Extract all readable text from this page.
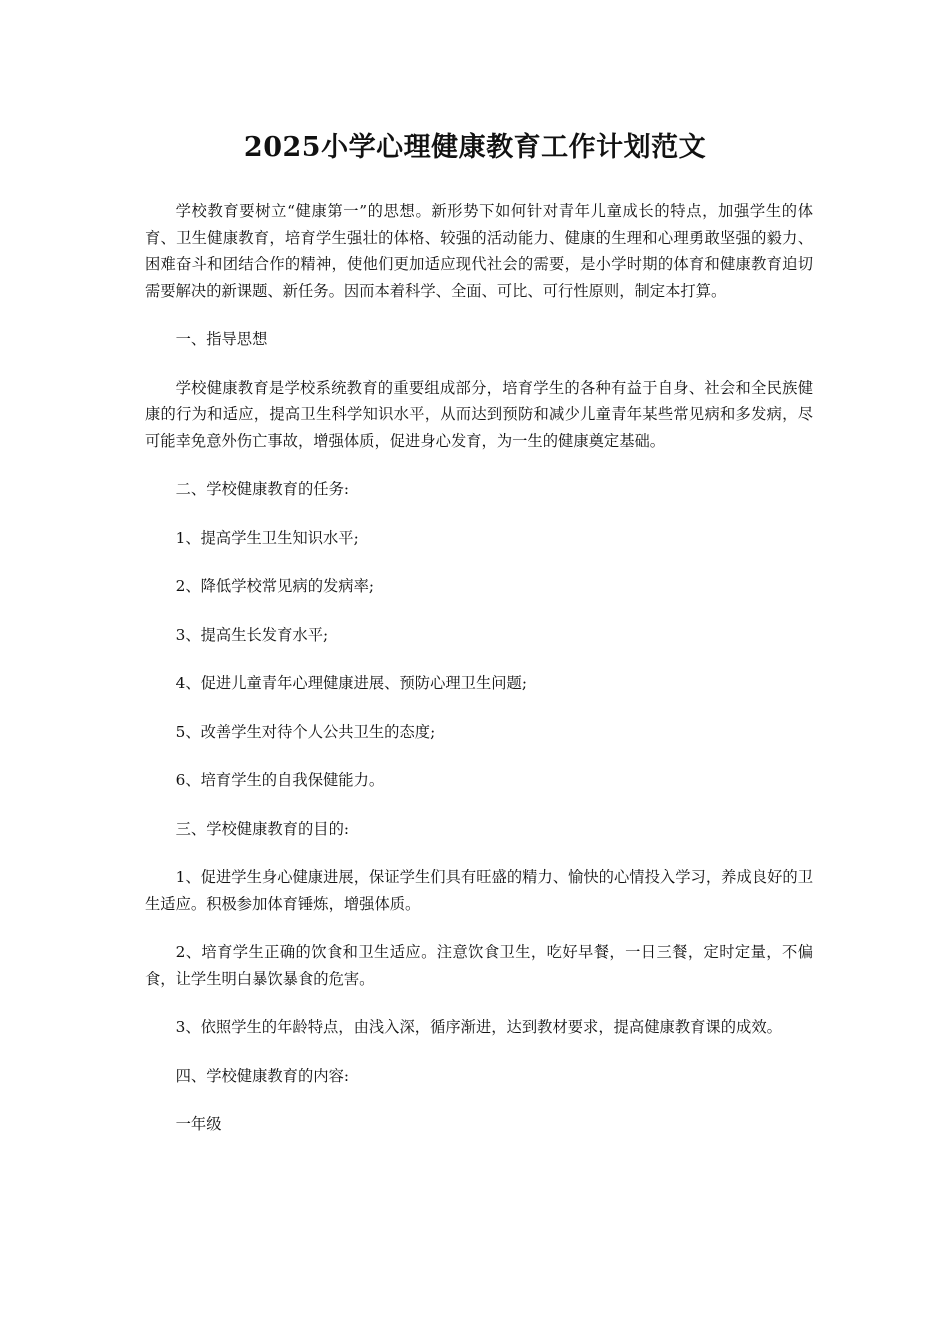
2025小学心理健康教育工作计划范文

学校教育要树立“健康第一”的思想。新形势下如何针对青年儿童成长的特点，加强学生的体育、卫生健康教育，培育学生强壮的体格、较强的活动能力、健康的生理和心理勇敢坚强的毅力、困难奋斗和团结合作的精神，使他们更加适应现代社会的需要，是小学时期的体育和健康教育迫切需要解决的新课题、新任务。因而本着科学、全面、可比、可行性原则，制定本打算。

一、指导思想

学校健康教育是学校系统教育的重要组成部分，培育学生的各种有益于自身、社会和全民族健康的行为和适应，提高卫生科学知识水平，从而达到预防和减少儿童青年某些常见病和多发病，尽可能幸免意外伤亡事故，增强体质，促进身心发育，为一生的健康奠定基础。

二、学校健康教育的任务:

1、提高学生卫生知识水平;

2、降低学校常见病的发病率;

3、提高生长发育水平;

4、促进儿童青年心理健康进展、预防心理卫生问题;

5、改善学生对待个人公共卫生的态度;

6、培育学生的自我保健能力。

三、学校健康教育的目的:

1、促进学生身心健康进展，保证学生们具有旺盛的精力、愉快的心情投入学习，养成良好的卫生适应。积极参加体育锤炼，增强体质。

2、培育学生正确的饮食和卫生适应。注意饮食卫生，吃好早餐，一日三餐，定时定量，不偏食，让学生明白暴饮暴食的危害。

3、依照学生的年龄特点，由浅入深，循序渐进，达到教材要求，提高健康教育课的成效。

四、学校健康教育的内容:

一年级
